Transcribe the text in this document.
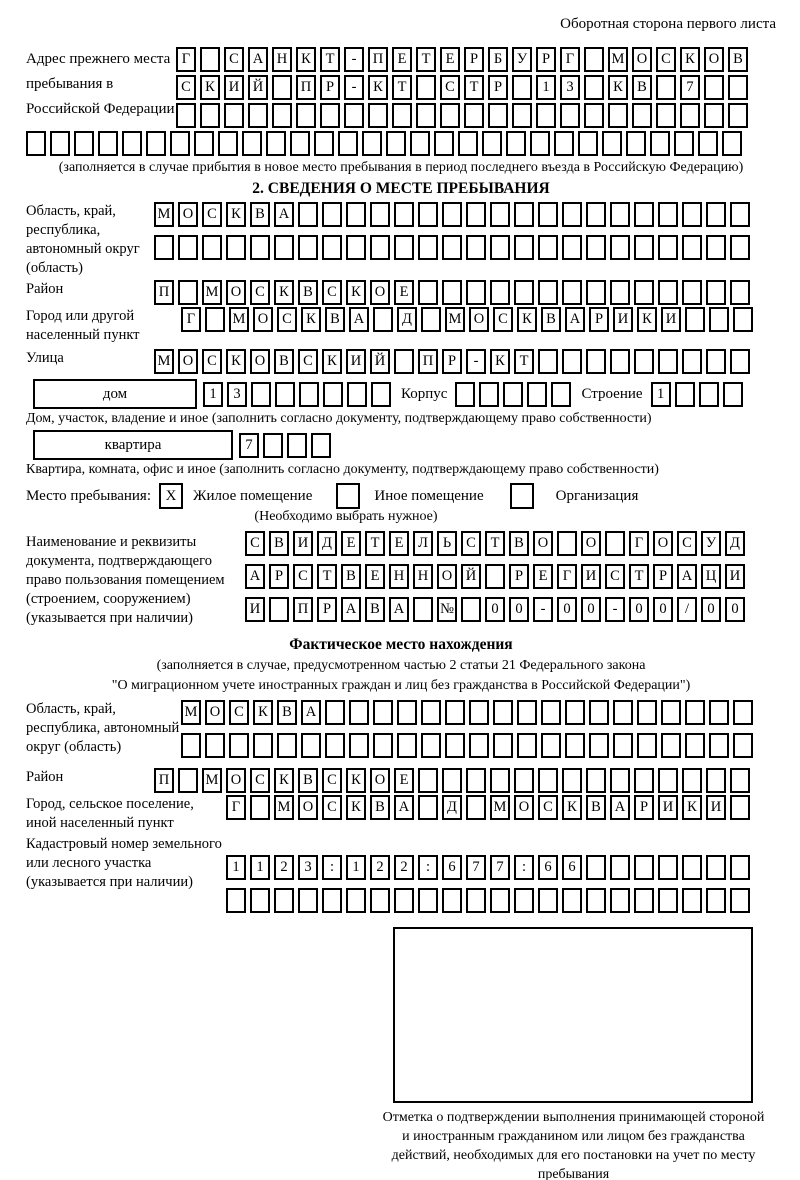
Оборотная сторона первого листа
Адрес прежнего места пребывания в Российской Федерации
Г	С А Н К	Т	-	П Е	Т	Е	Р	Б	У	Р	Г	М О С К О В
С К И Й	П	Р	-	К	Т	С	Т	Р	1	3	К В	7
(заполняется в случае прибытия в новое место пребывания в период последнего въезда в Российскую Федерацию)
2. СВЕДЕНИЯ О МЕСТЕ ПРЕБЫВАНИЯ
Область, край, республика, автономный округ (область)
М О С К В А
Район	П	М О С К В С К О Е
Город или другой населенный пункт
Г	М О С К В А	Д	М О С К В А	Р	И К И
Улица	М О С К О В С К И Й	П	Р	-	К	Т
дом	1	3	Корпус	Строение 1
Дом, участок, владение и иное (заполнить согласно документу, подтверждающему право собственности)
квартира	7
Квартира, комната, офис и иное (заполнить согласно документу, подтверждающему право собственности)
Место пребывания: X	Жилое помещение	Иное помещение	Организация
(Необходимо выбрать нужное)
Наименование и реквизиты документа, подтверждающего право пользования помещением (строением, сооружением) (указывается при наличии)
С В И Д	Е	Т	Е	Л	Ь	С	Т	В О	О	Г	О С У Д
А	Р	С	Т	В	Е Н Н О Й	Р	Е	Г	И С	Т	Р	А Ц И
И	П	Р	А В А	№	0	0	-	0	0	-	0	0	/	0	0
Фактическое место нахождения
(заполняется в случае, предусмотренном частью 2 статьи 21 Федерального закона
"О миграционном учете иностранных граждан и лиц без гражданства в Российской Федерации")
Область, край, республика, автономный округ (область)
М О С К В А
Район	П	М О С К В С К О Е
Город, сельское поселение, иной населенный пункт
Г	М О С К В А	Д	М О С К В А	Р	И К И
Кадастровый номер земельного или лесного участка (указывается при наличии)
1	1	2	3	:	1	2	2	:	6	7	7	:	6	6
Отметка о подтверждении выполнения принимающей стороной и иностранным гражданином или лицом без гражданства действий, необходимых для его постановки на учет по месту пребывания
